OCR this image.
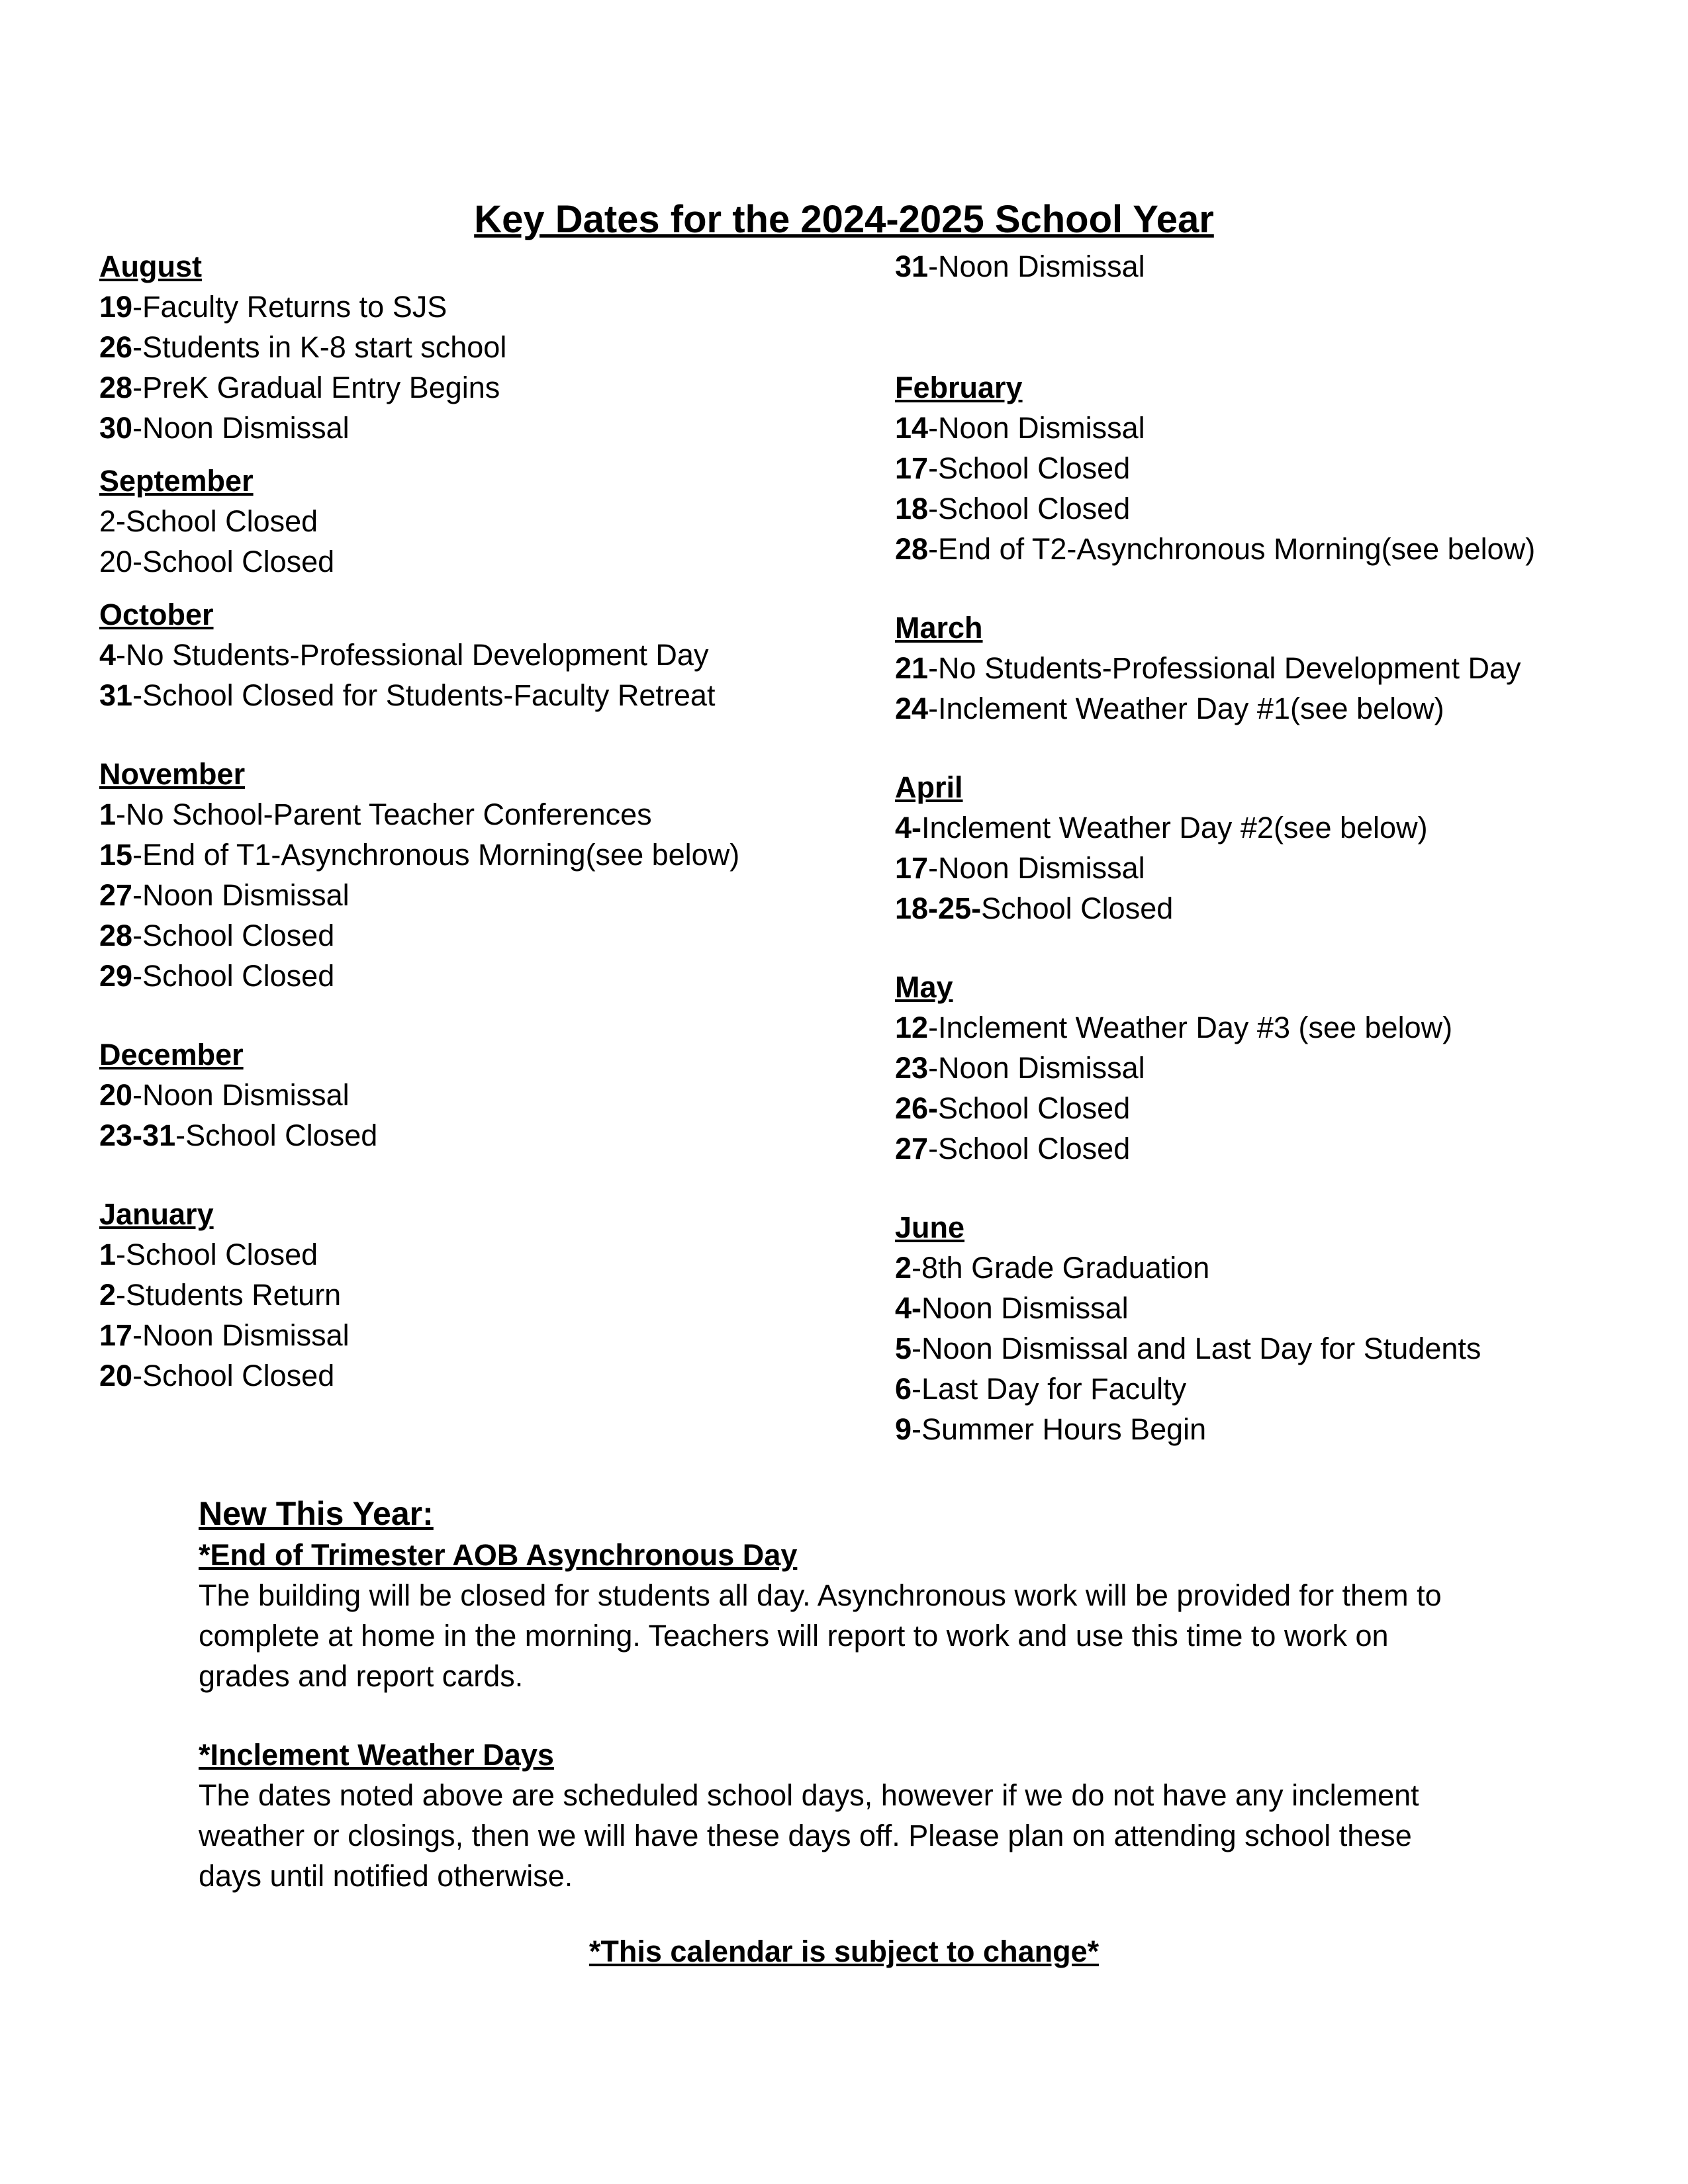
Key Dates for the 2024-2025 School Year
August
19-Faculty Returns to SJS
26-Students in K-8 start school
28-PreK Gradual Entry Begins
30-Noon Dismissal
September
2-School Closed
20-School Closed
October
4-No Students-Professional Development Day
31-School Closed for Students-Faculty Retreat
November
1-No School-Parent Teacher Conferences
15-End of T1-Asynchronous Morning(see below)
27-Noon Dismissal
28-School Closed
29-School Closed
December
20-Noon Dismissal
23-31-School Closed
January
1-School Closed
2-Students Return
17-Noon Dismissal
20-School Closed
31-Noon Dismissal
February
14-Noon Dismissal
17-School Closed
18-School Closed
28-End of T2-Asynchronous Morning(see below)
March
21-No Students-Professional Development Day
24-Inclement Weather Day #1(see below)
April
4-Inclement Weather Day #2(see below)
17-Noon Dismissal
18-25-School Closed
May
12-Inclement Weather Day #3 (see below)
23-Noon Dismissal
26-School Closed
27-School Closed
June
2-8th Grade Graduation
4-Noon Dismissal
5-Noon Dismissal and Last Day for Students
6-Last Day for Faculty
9-Summer Hours Begin
New This Year:
*End of Trimester AOB Asynchronous Day
The building will be closed for students all day. Asynchronous work will be provided for them to
complete at home in the morning. Teachers will report to work and use this time to work on
grades and report cards.
*Inclement Weather Days
The dates noted above are scheduled school days, however if we do not have any inclement
weather or closings, then we will have these days off. Please plan on attending school these
days until notified otherwise.
*This calendar is subject to change*
